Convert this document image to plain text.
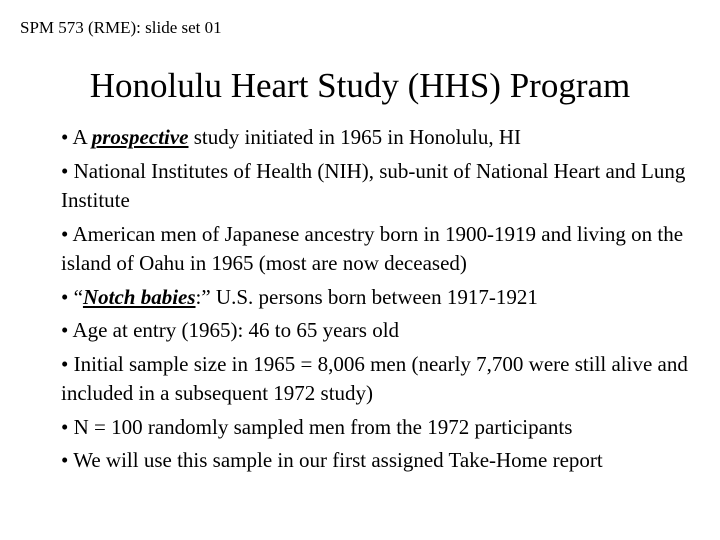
SPM 573 (RME): slide set 01
Honolulu Heart Study (HHS) Program
• A prospective study initiated in 1965 in Honolulu, HI
• National Institutes of Health (NIH), sub-unit of National Heart and Lung Institute
• American men of Japanese ancestry born in 1900-1919 and living on the island of Oahu in 1965 (most are now deceased)
• “Notch babies:” U.S. persons born between 1917-1921
• Age at entry (1965): 46 to 65 years old
• Initial sample size in 1965 = 8,006 men (nearly 7,700 were still alive and included in a subsequent 1972 study)
• N = 100 randomly sampled men from the 1972 participants
• We will use this sample in our first assigned Take-Home report
